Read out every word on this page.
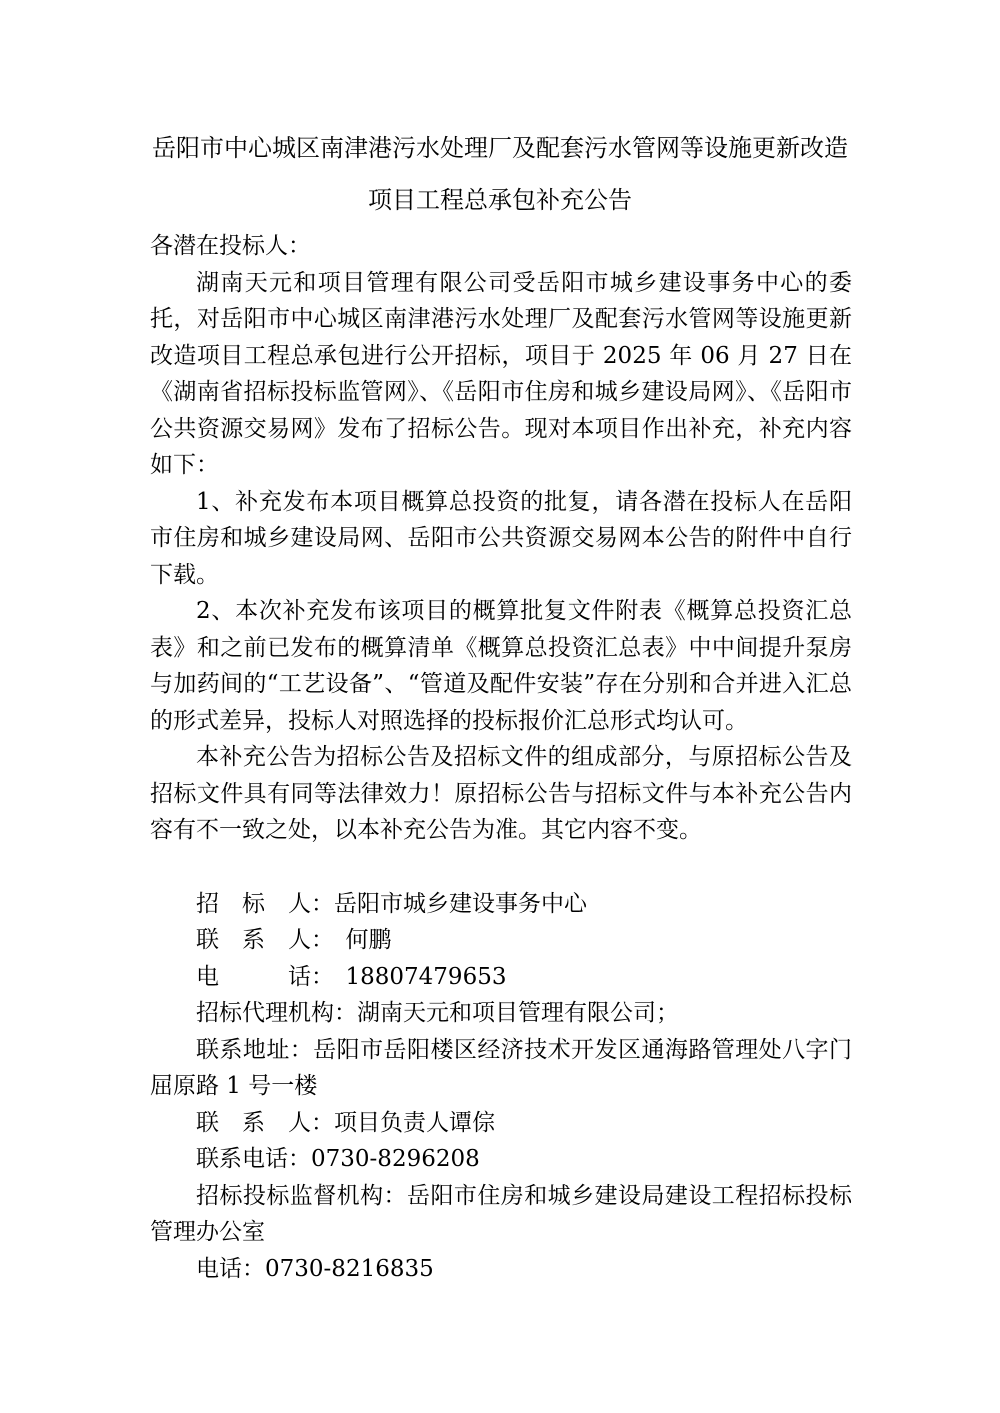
岳阳市中心城区南津港污水处理厂及配套污水管网等设施更新改造
项目工程总承包补充公告

各潜在投标人：

湖南天元和项目管理有限公司受岳阳市城乡建设事务中心的委托，对岳阳市中心城区南津港污水处理厂及配套污水管网等设施更新改造项目工程总承包进行公开招标，项目于 2025 年 06 月 27 日在《湖南省招标投标监管网》、《岳阳市住房和城乡建设局网》、《岳阳市公共资源交易网》发布了招标公告。现对本项目作出补充，补充内容如下：

1、补充发布本项目概算总投资的批复，请各潜在投标人在岳阳市住房和城乡建设局网、岳阳市公共资源交易网本公告的附件中自行下载。

2、本次补充发布该项目的概算批复文件附表《概算总投资汇总表》和之前已发布的概算清单《概算总投资汇总表》中中间提升泵房与加药间的“工艺设备”、“管道及配件安装”存在分别和合并进入汇总的形式差异，投标人对照选择的投标报价汇总形式均认可。

本补充公告为招标公告及招标文件的组成部分，与原招标公告及招标文件具有同等法律效力！原招标公告与招标文件与本补充公告内容有不一致之处，以本补充公告为准。其它内容不变。

招　标　人：岳阳市城乡建设事务中心

联　系　人：　何鹏

电　　　话：　18807479653

招标代理机构：湖南天元和项目管理有限公司；

联系地址：岳阳市岳阳楼区经济技术开发区通海路管理处八字门屈原路 1 号一楼

联　系　人：项目负责人谭倧

联系电话：0730-8296208

招标投标监督机构：岳阳市住房和城乡建设局建设工程招标投标管理办公室

电话：0730-8216835
